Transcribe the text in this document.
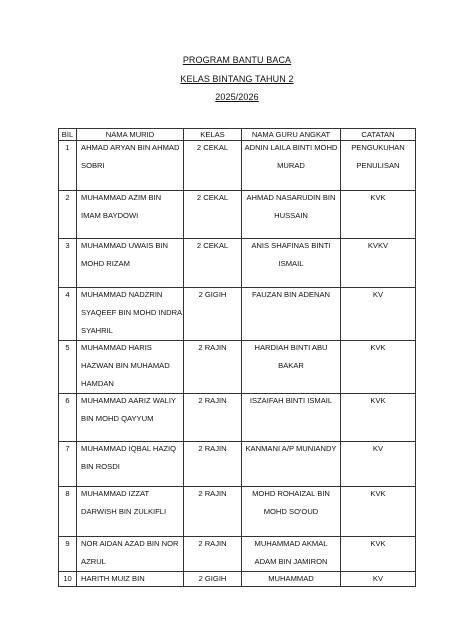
PROGRAM BANTU BACA
KELAS BINTANG TAHUN 2
2025/2026
BIL	NAMA MURID	KELAS	NAMA GURU ANGKAT	CATATAN

1	AHMAD ARYAN BIN AHMAD SOBRI	2 CEKAL	ADNIN LAILA BINTI MOHD MURAD	PENGUKUHAN PENULISAN

2	MUHAMMAD AZIM BIN IMAM BAYDOWI	2 CEKAL	AHMAD NASARUDIN BIN HUSSAIN	KVK

3	MUHAMMAD UWAIS BIN MOHD RIZAM	2 CEKAL	ANIS SHAFINAS BINTI ISMAIL	KVKV

4	MUHAMMAD NADZRIN SYAQEEF BIN MOHD INDRA SYAHRIL	2 GIGIH	FAUZAN BIN ADENAN	KV

5	MUHAMMAD HARIS HAZWAN BIN MUHAMAD HAMDAN	2 RAJIN	HARDIAH BINTI ABU BAKAR	KVK

6	MUHAMMAD AARIZ WALIY BIN MOHD QAYYUM	2 RAJIN	ISZAIFAH BINTI ISMAIL	KVK

7	MUHAMMAD IQBAL HAZIQ BIN ROSDI	2 RAJIN	KANMANI A/P MUNIANDY	KV

8	MUHAMMAD IZZAT DARWISH BIN ZULKIFLI	2 RAJIN	MOHD ROHAIZAL BIN MOHD SO'OUD	KVK

9	NOR AIDAN AZAD BIN NOR AZRUL	2 RAJIN	MUHAMMAD AKMAL ADAM BIN JAMIRON	KVK

10	HARITH MUIZ BIN	2 GIGIH	MUHAMMAD	KV
